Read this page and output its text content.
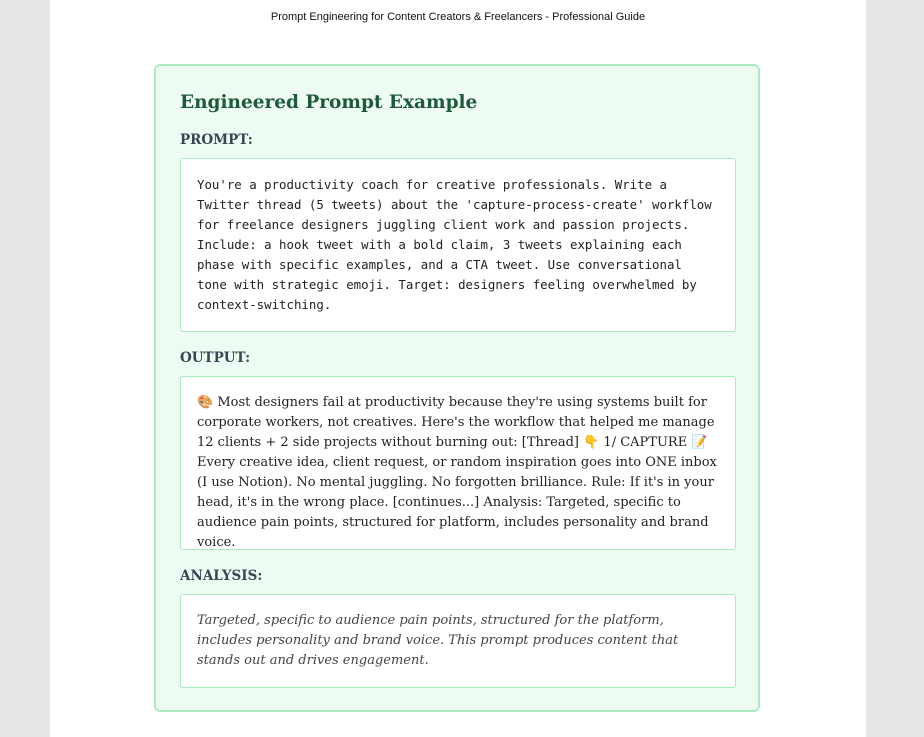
Prompt Engineering for Content Creators & Freelancers - Professional Guide
Engineered Prompt Example
PROMPT:

You're a productivity coach for creative professionals. Write a Twitter thread (5 tweets) about the 'capture-process-create' workflow for freelance designers juggling client work and passion projects. Include: a hook tweet with a bold claim, 3 tweets explaining each phase with specific examples, and a CTA tweet. Use conversational tone with strategic emoji. Target: designers feeling overwhelmed by context-switching.

OUTPUT:

🎨 Most designers fail at productivity because they're using systems built for corporate workers, not creatives. Here's the workflow that helped me manage 12 clients + 2 side projects without burning out: [Thread] 👇 1/ CAPTURE 📝 Every creative idea, client request, or random inspiration goes into ONE inbox (I use Notion). No mental juggling. No forgotten brilliance. Rule: If it's in your head, it's in the wrong place. [continues...] Analysis: Targeted, specific to audience pain points, structured for platform, includes personality and brand voice.

ANALYSIS:

Targeted, specific to audience pain points, structured for the platform, includes personality and brand voice. This prompt produces content that stands out and drives engagement.
